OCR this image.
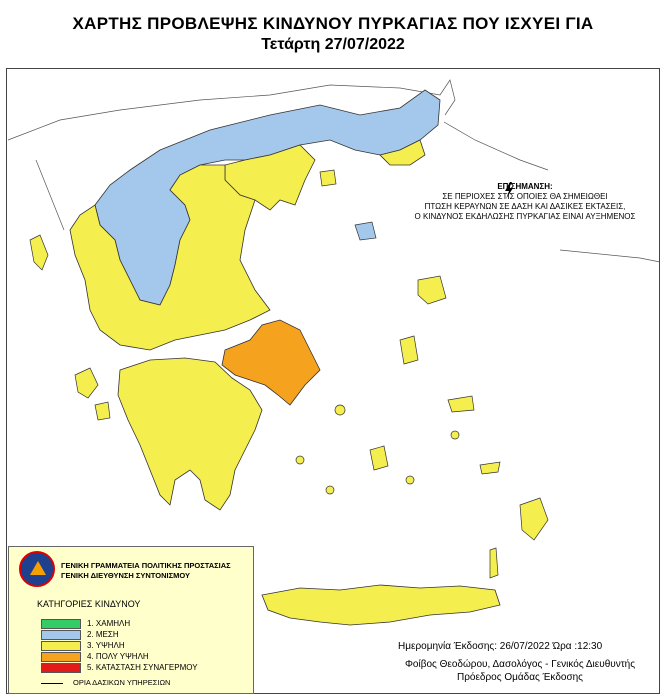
ΧΑΡΤΗΣ ΠΡΟΒΛΕΨΗΣ ΚΙΝΔΥΝΟΥ ΠΥΡΚΑΓΙΑΣ ΠΟΥ ΙΣΧΥΕΙ ΓΙΑ
Τετάρτη 27/07/2022
ΕΠΙΣΗΜΑΝΣΗ:
ΣΕ ΠΕΡΙΟΧΕΣ ΣΤΙΣ ΟΠΟΙΕΣ ΘΑ ΣΗΜΕΙΩΘΕΙ
ΠΤΩΣΗ ΚΕΡΑΥΝΩΝ ΣΕ ΔΑΣΗ ΚΑΙ ΔΑΣΙΚΕΣ ΕΚΤΑΣΕΙΣ,
Ο ΚΙΝΔΥΝΟΣ ΕΚΔΗΛΩΣΗΣ ΠΥΡΚΑΓΙΑΣ ΕΙΝΑΙ ΑΥΞΗΜΕΝΟΣ
ΓΕΝΙΚΗ ΓΡΑΜΜΑΤΕΙΑ ΠΟΛΙΤΙΚΗΣ ΠΡΟΣΤΑΣΙΑΣ
ΓΕΝΙΚΗ ΔΙΕΥΘΥΝΣΗ ΣΥΝΤΟΝΙΣΜΟΥ
ΚΑΤΗΓΟΡΙΕΣ ΚΙΝΔΥΝΟΥ
1. ΧΑΜΗΛΗ
2. ΜΕΣΗ
3. ΥΨΗΛΗ
4. ΠΟΛΥ ΥΨΗΛΗ
5. ΚΑΤΑΣΤΑΣΗ ΣΥΝΑΓΕΡΜΟΥ
ΟΡΙΑ ΔΑΣΙΚΩΝ ΥΠΗΡΕΣΙΩΝ
Ημερομηνία Έκδοσης: 26/07/2022 Ώρα :12:30
Φοίβος Θεοδώρου, Δασολόγος - Γενικός Διευθυντής
Πρόεδρος Ομάδας Έκδοσης
